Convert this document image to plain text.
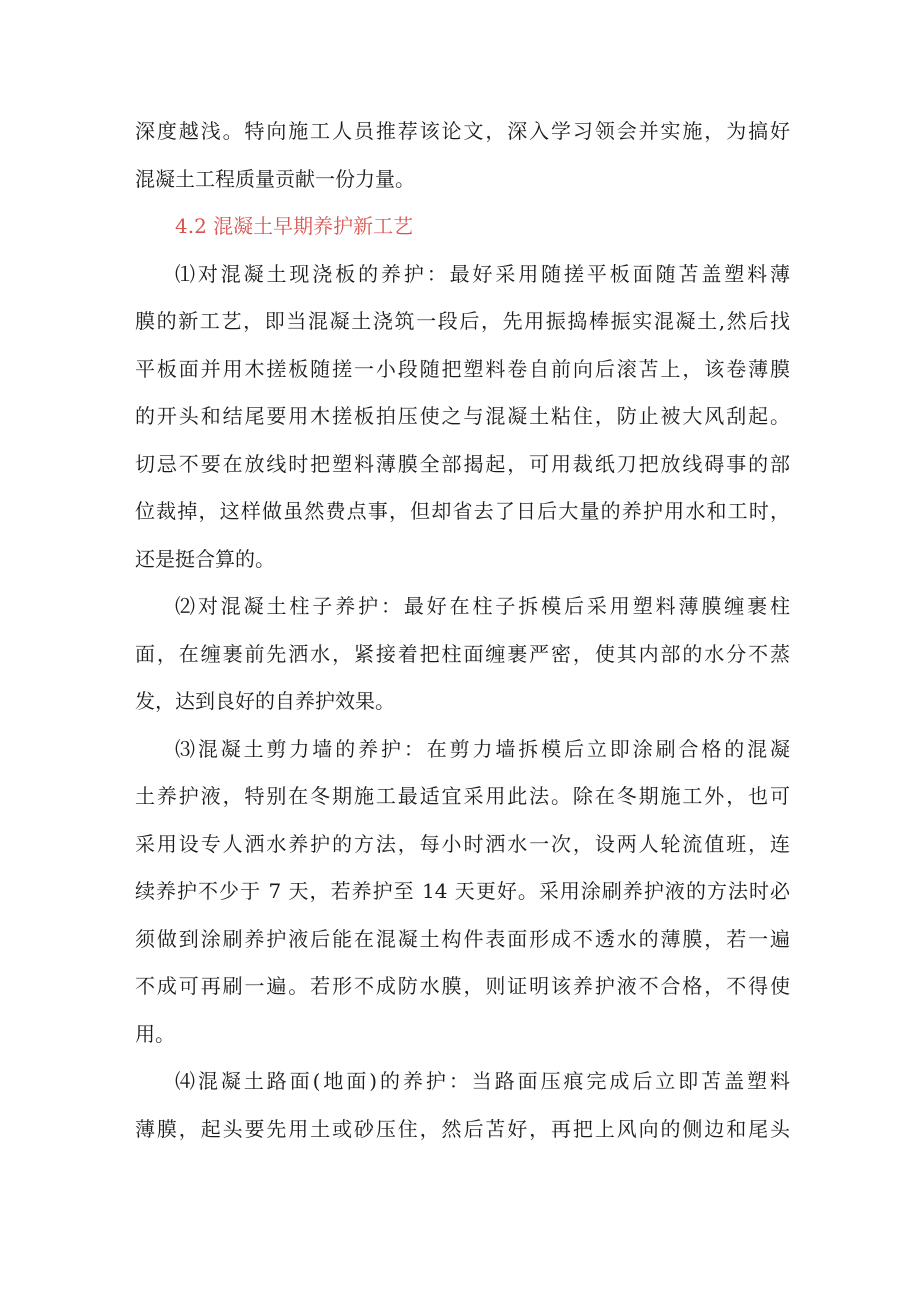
深度越浅。特向施工人员推荐该论文，深入学习领会并实施，为搞好
混凝土工程质量贡献一份力量。
4.2 混凝土早期养护新工艺
⑴对混凝土现浇板的养护：最好采用随搓平板面随苫盖塑料薄
膜的新工艺，即当混凝土浇筑一段后，先用振捣棒振实混凝土,然后找
平板面并用木搓板随搓一小段随把塑料卷自前向后滚苫上，该卷薄膜
的开头和结尾要用木搓板拍压使之与混凝土粘住，防止被大风刮起。
切忌不要在放线时把塑料薄膜全部揭起，可用裁纸刀把放线碍事的部
位裁掉，这样做虽然费点事，但却省去了日后大量的养护用水和工时，
还是挺合算的。
⑵对混凝土柱子养护：最好在柱子拆模后采用塑料薄膜缠裹柱
面，在缠裹前先洒水，紧接着把柱面缠裹严密，使其内部的水分不蒸
发，达到良好的自养护效果。
⑶混凝土剪力墙的养护：在剪力墙拆模后立即涂刷合格的混凝
土养护液，特别在冬期施工最适宜采用此法。除在冬期施工外，也可
采用设专人洒水养护的方法，每小时洒水一次，设两人轮流值班，连
续养护不少于 7 天，若养护至 14 天更好。采用涂刷养护液的方法时必
须做到涂刷养护液后能在混凝土构件表面形成不透水的薄膜，若一遍
不成可再刷一遍。若形不成防水膜，则证明该养护液不合格，不得使
用。
⑷混凝土路面(地面)的养护：当路面压痕完成后立即苫盖塑料
薄膜，起头要先用土或砂压住，然后苫好，再把上风向的侧边和尾头
